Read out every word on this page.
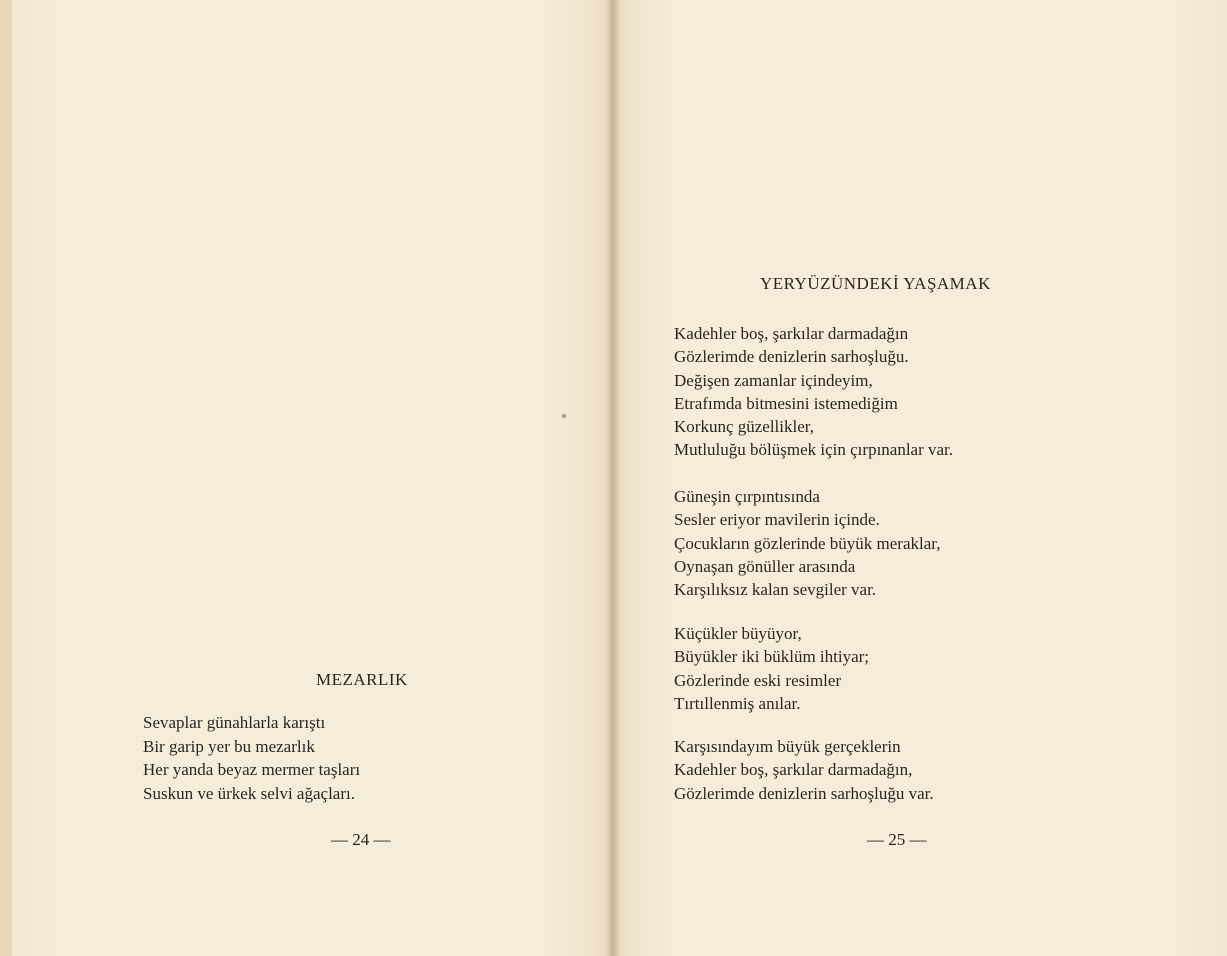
MEZARLIK
Sevaplar günahlarla karıştı
Bir garip yer bu mezarlık
Her yanda beyaz mermer taşları
Suskun ve ürkek selvi ağaçları.
— 24 —
YERYÜZÜNDEKİ YAŞAMAK
Kadehler boş, şarkılar darmadağın
Gözlerimde denizlerin sarhoşluğu.
Değişen zamanlar içindeyim,
Etrafımda bitmesini istemediğim
Korkunç güzellikler,
Mutluluğu bölüşmek için çırpınanlar var.
Güneşin çırpıntısında
Sesler eriyor mavilerin içinde.
Çocukların gözlerinde büyük meraklar,
Oynaşan gönüller arasında
Karşılıksız kalan sevgiler var.
Küçükler büyüyor,
Büyükler iki büklüm ihtiyar;
Gözlerinde eski resimler
Tırtıllenmiş anılar.
Karşısındayım büyük gerçeklerin
Kadehler boş, şarkılar darmadağın,
Gözlerimde denizlerin sarhoşluğu var.
— 25 —
